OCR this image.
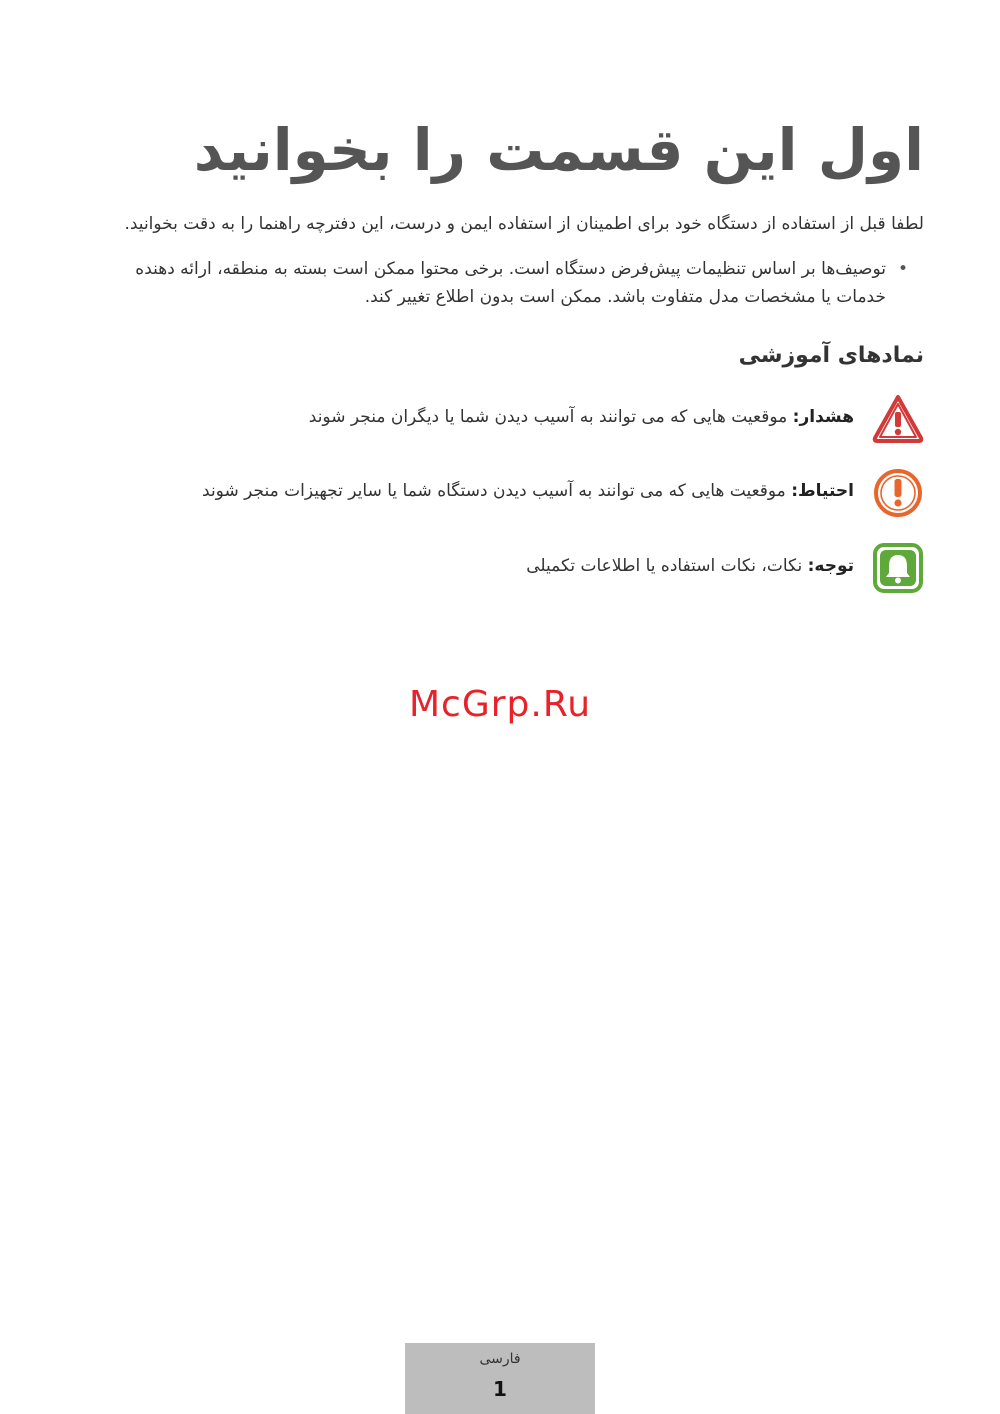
اول این قسمت را بخوانید

لطفا قبل از استفاده از دستگاه خود برای اطمینان از استفاده ایمن و درست، این دفترچه راهنما را به دقت بخوانید.

•
توصیف‌ها بر اساس تنظیمات پیش‌فرض دستگاه است. برخی محتوا ممکن است بسته به منطقه، ارائه دهنده خدمات یا مشخصات مدل متفاوت باشد. ممکن است بدون اطلاع تغییر کند.
نمادهای آموزشی
هشدار: موقعیت هایی که می توانند به آسیب دیدن شما یا دیگران منجر شوند
احتیاط: موقعیت هایی که می توانند به آسیب دیدن دستگاه شما یا سایر تجهیزات منجر شوند
توجه: نکات، نکات استفاده یا اطلاعات تکمیلی
McGrp.Ru
فارسی
1
